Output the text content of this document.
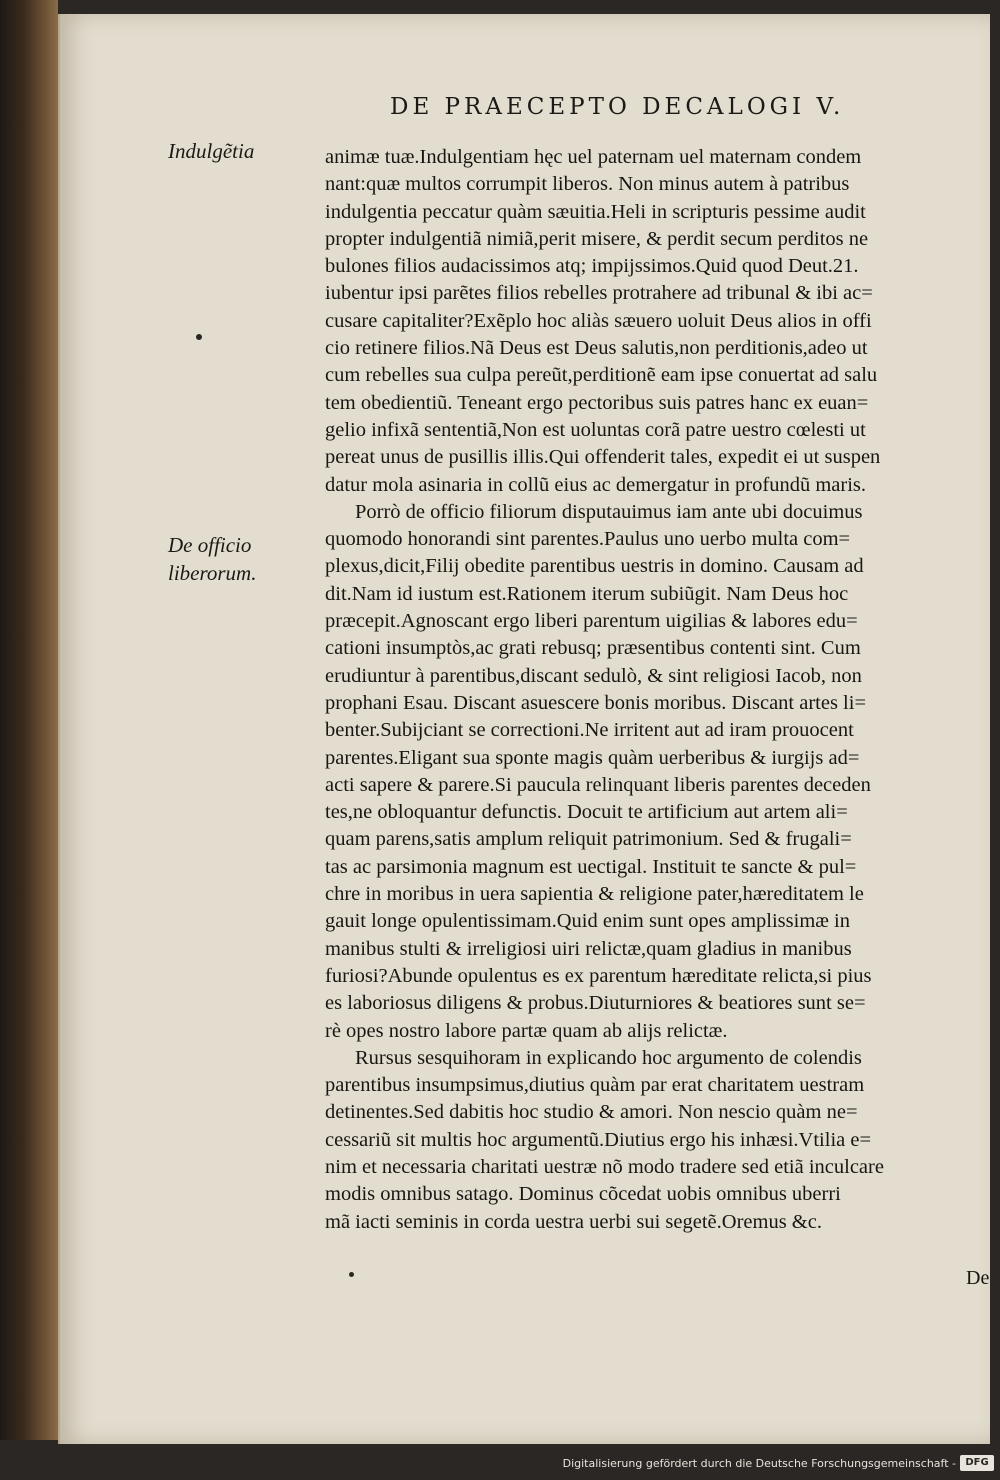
DE PRAECEPTO DECALOGI V.
Indulgẽtia
De officio
liberorum.
animæ tuæ.Indulgentiam hęc uel paternam uel maternam condem
nant:quæ multos corrumpit liberos. Non minus autem à patribus
indulgentia peccatur quàm sæuitia.Heli in scripturis pessime audit
propter indulgentiã nimiã,perit misere, & perdit secum perditos ne
bulones filios audacissimos atq; impijssimos.Quid quod Deut.21.
iubentur ipsi parẽtes filios rebelles protrahere ad tribunal & ibi ac=
cusare capitaliter?Exẽplo hoc aliàs sæuero uoluit Deus alios in offi
cio retinere filios.Nã Deus est Deus salutis,non perditionis,adeo ut
cum rebelles sua culpa pereũt,perditionẽ eam ipse conuertat ad salu
tem obedientiũ. Teneant ergo pectoribus suis patres hanc ex euan=
gelio infixã sententiã,Non est uoluntas corã patre uestro cœlesti ut
pereat unus de pusillis illis.Qui offenderit tales, expedit ei ut suspen
datur mola asinaria in collũ eius ac demergatur in profundũ maris.
Porrò de officio filiorum disputauimus iam ante ubi docuimus
quomodo honorandi sint parentes.Paulus uno uerbo multa com=
plexus,dicit,Filij obedite parentibus uestris in domino. Causam ad
dit.Nam id iustum est.Rationem iterum subiũgit. Nam Deus hoc
præcepit.Agnoscant ergo liberi parentum uigilias & labores edu=
cationi insumptòs,ac grati rebusq; præsentibus contenti sint. Cum
erudiuntur à parentibus,discant sedulò, & sint religiosi Iacob, non
prophani Esau. Discant asuescere bonis moribus. Discant artes li=
benter.Subijciant se correctioni.Ne irritent aut ad iram prouocent
parentes.Eligant sua sponte magis quàm uerberibus & iurgijs ad=
acti sapere & parere.Si paucula relinquant liberis parentes deceden
tes,ne obloquantur defunctis. Docuit te artificium aut artem ali=
quam parens,satis amplum reliquit patrimonium. Sed & frugali=
tas ac parsimonia magnum est uectigal. Instituit te sancte & pul=
chre in moribus in uera sapientia & religione pater,hæreditatem le
gauit longe opulentissimam.Quid enim sunt opes amplissimæ in
manibus stulti & irreligiosi uiri relictæ,quam gladius in manibus
furiosi?Abunde opulentus es ex parentum hæreditate relicta,si pius
es laboriosus diligens & probus.Diuturniores & beatiores sunt se=
rè opes nostro labore partæ quam ab alijs relictæ.
Rursus sesquihoram in explicando hoc argumento de colendis
parentibus insumpsimus,diutius quàm par erat charitatem uestram
detinentes.Sed dabitis hoc studio & amori. Non nescio quàm ne=
cessariũ sit multis hoc argumentũ.Diutius ergo his inhæsi.Vtilia e=
nim et necessaria charitati uestræ nõ modo tradere sed etiã inculcare
modis omnibus satago. Dominus cõcedat uobis omnibus uberri
mã iacti seminis in corda uestra uerbi sui segetẽ.Oremus &c.
De
Digitalisierung gefördert durch die Deutsche Forschungsgemeinschaft - DFG
